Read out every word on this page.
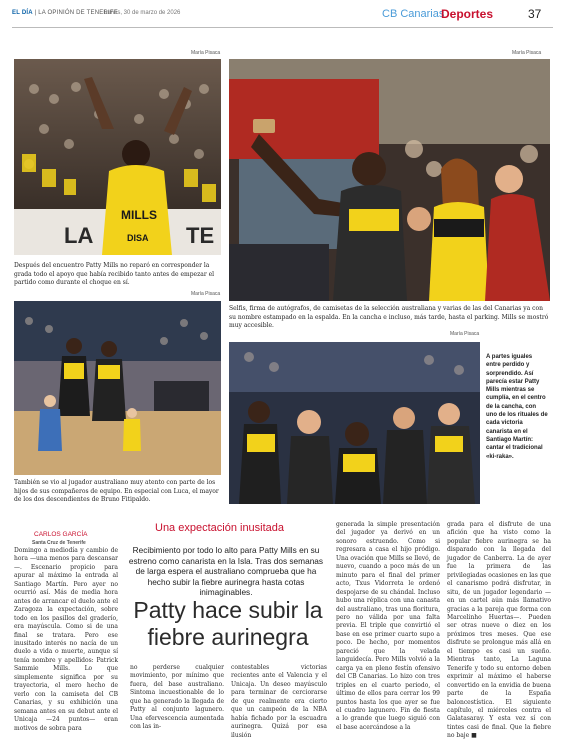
EL DÍA | LA OPINIÓN DE TENERIFE
Lunes, 30 de marzo de 2026	CB Canarias
Deportes	37
María Pisaca
LA	TE
MILLS
DISA
Después del encuentro Patty Mills no reparó en corresponder la grada todo el apoyo que había recibido tanto antes de empezar el partido como durante el choque en sí.
María Pisaca
Selfis, firma de autógrafos, de camisetas de la selección australiana y varias de las del Canarias ya con su nombre estampado en la espalda. En la cancha e incluso, más tarde, hasta el parking. Mills se mostró muy accesible.
María Pisaca
También se vio al jugador australiano muy atento con parte de los hijos de sus compañeros de equipo. En especial con Luca, el mayor de los dos descendientes de Bruno Fitipaldo.
María Pisaca
A partes iguales entre perdido y sorprendido. Así parecía estar Patty Mills mientras se cumplía, en el centro de la cancha, con uno de los rituales de cada victoria canarista en el Santiago Martín: cantar el tradicional «ki-raka».
CARLOS GARCÍA
Santa Cruz de Tenerife
Una expectación inusitada
Recibimiento por todo lo alto para Patty Mills en su estreno como canarista en la Isla. Tras dos semanas de larga espera el australiano comprueba que ha hecho subir la fiebre aurinegra hasta cotas inimaginables.
Patty hace subir la fiebre aurinegra
Domingo a mediodía y cambio de hora —una menos para descansar—. Escenario propicio para apurar al máximo la entrada al Santiago Martín. Pero ayer no ocurrió así. Más de media hora antes de arrancar el duelo ante el Zaragoza la expectación, sobre todo en los pasillos del graderío, era mayúscula. Como si de una final se tratara. Pero ese inusitado interés no nacía de un duelo a vida o muerte, aunque sí tenía nombre y apellidos: Patrick Sammie Mills. Lo que simplemente significa por su trayectoria, el mero hecho de verlo con la camiseta del CB Canarias, y su exhibición una semana antes en su debut ante el Unicaja —24 puntos— eran motivos de sobra para
no perderse cualquier movimiento, por mínimo que fuera, del base australiano. Sintoma incuestionable de lo que ha generado la llegada de Patty al conjunto lagunero. Una efervescencia aumentada con las in-
contestables victorias recientes ante el Valencia y el Unicaja. Un deseo mayúsculo para terminar de cerciorarse de que realmente era cierto que un campeón de la NBA había fichado por la escuadra aurinegra. Quizá por esa ilusión
generada la simple presentación del jugador ya derivó en un sonoro estruendo. Como si regresara a casa el hijo pródigo. Una ovación que Mills se llevó, de nuevo, cuando a poco más de un minuto para el final del primer acto, Txus Vidorreta le ordenó despojarse de su chándal. Incluso hubo una réplica con una canasta del australiano, tras una floritura, pero no válida por una falta previa. El triple que convirtió el base en ese primer cuarto supo a poco. De hecho, por momentos pareció que la velada languidecía. Pero Mills volvió a la carga ya en pleno festín ofensivo del CB Canarias. Lo hizo con tres triples en el cuarto periodo, el último de ellos para cerrar los 99 puntos hasta los que ayer se fue el cuadro lagunero. Fin de fiesta a lo grande que luego siguió con el base acercándose a la
grada para el disfrute de una afición que ha visto como la popular fiebre aurinegra se ha disparado con la llegada del jugador de Canberra. La de ayer fue la primera de las privilegiadas ocasiones en las que el canarismo podrá disfrutar, in situ, de un jugador legendario —en un cartel aún más llamativo gracias a la pareja que forma con Marcelinho Huertas—. Pueden ser otras nueve o diez en los próximos tres meses. Que ese disfrute se prolongue más allá en el tiempo es casi un sueño. Mientras tanto, La Laguna Tenerife y todo su entorno deben exprimir al máximo el haberse convertido en la envidia de buena parte de la España baloncestística. El siguiente capítulo, el miércoles contra el Galatasaray. Y esta vez sí con tintes casi de final. Que la fiebre no baje ■
